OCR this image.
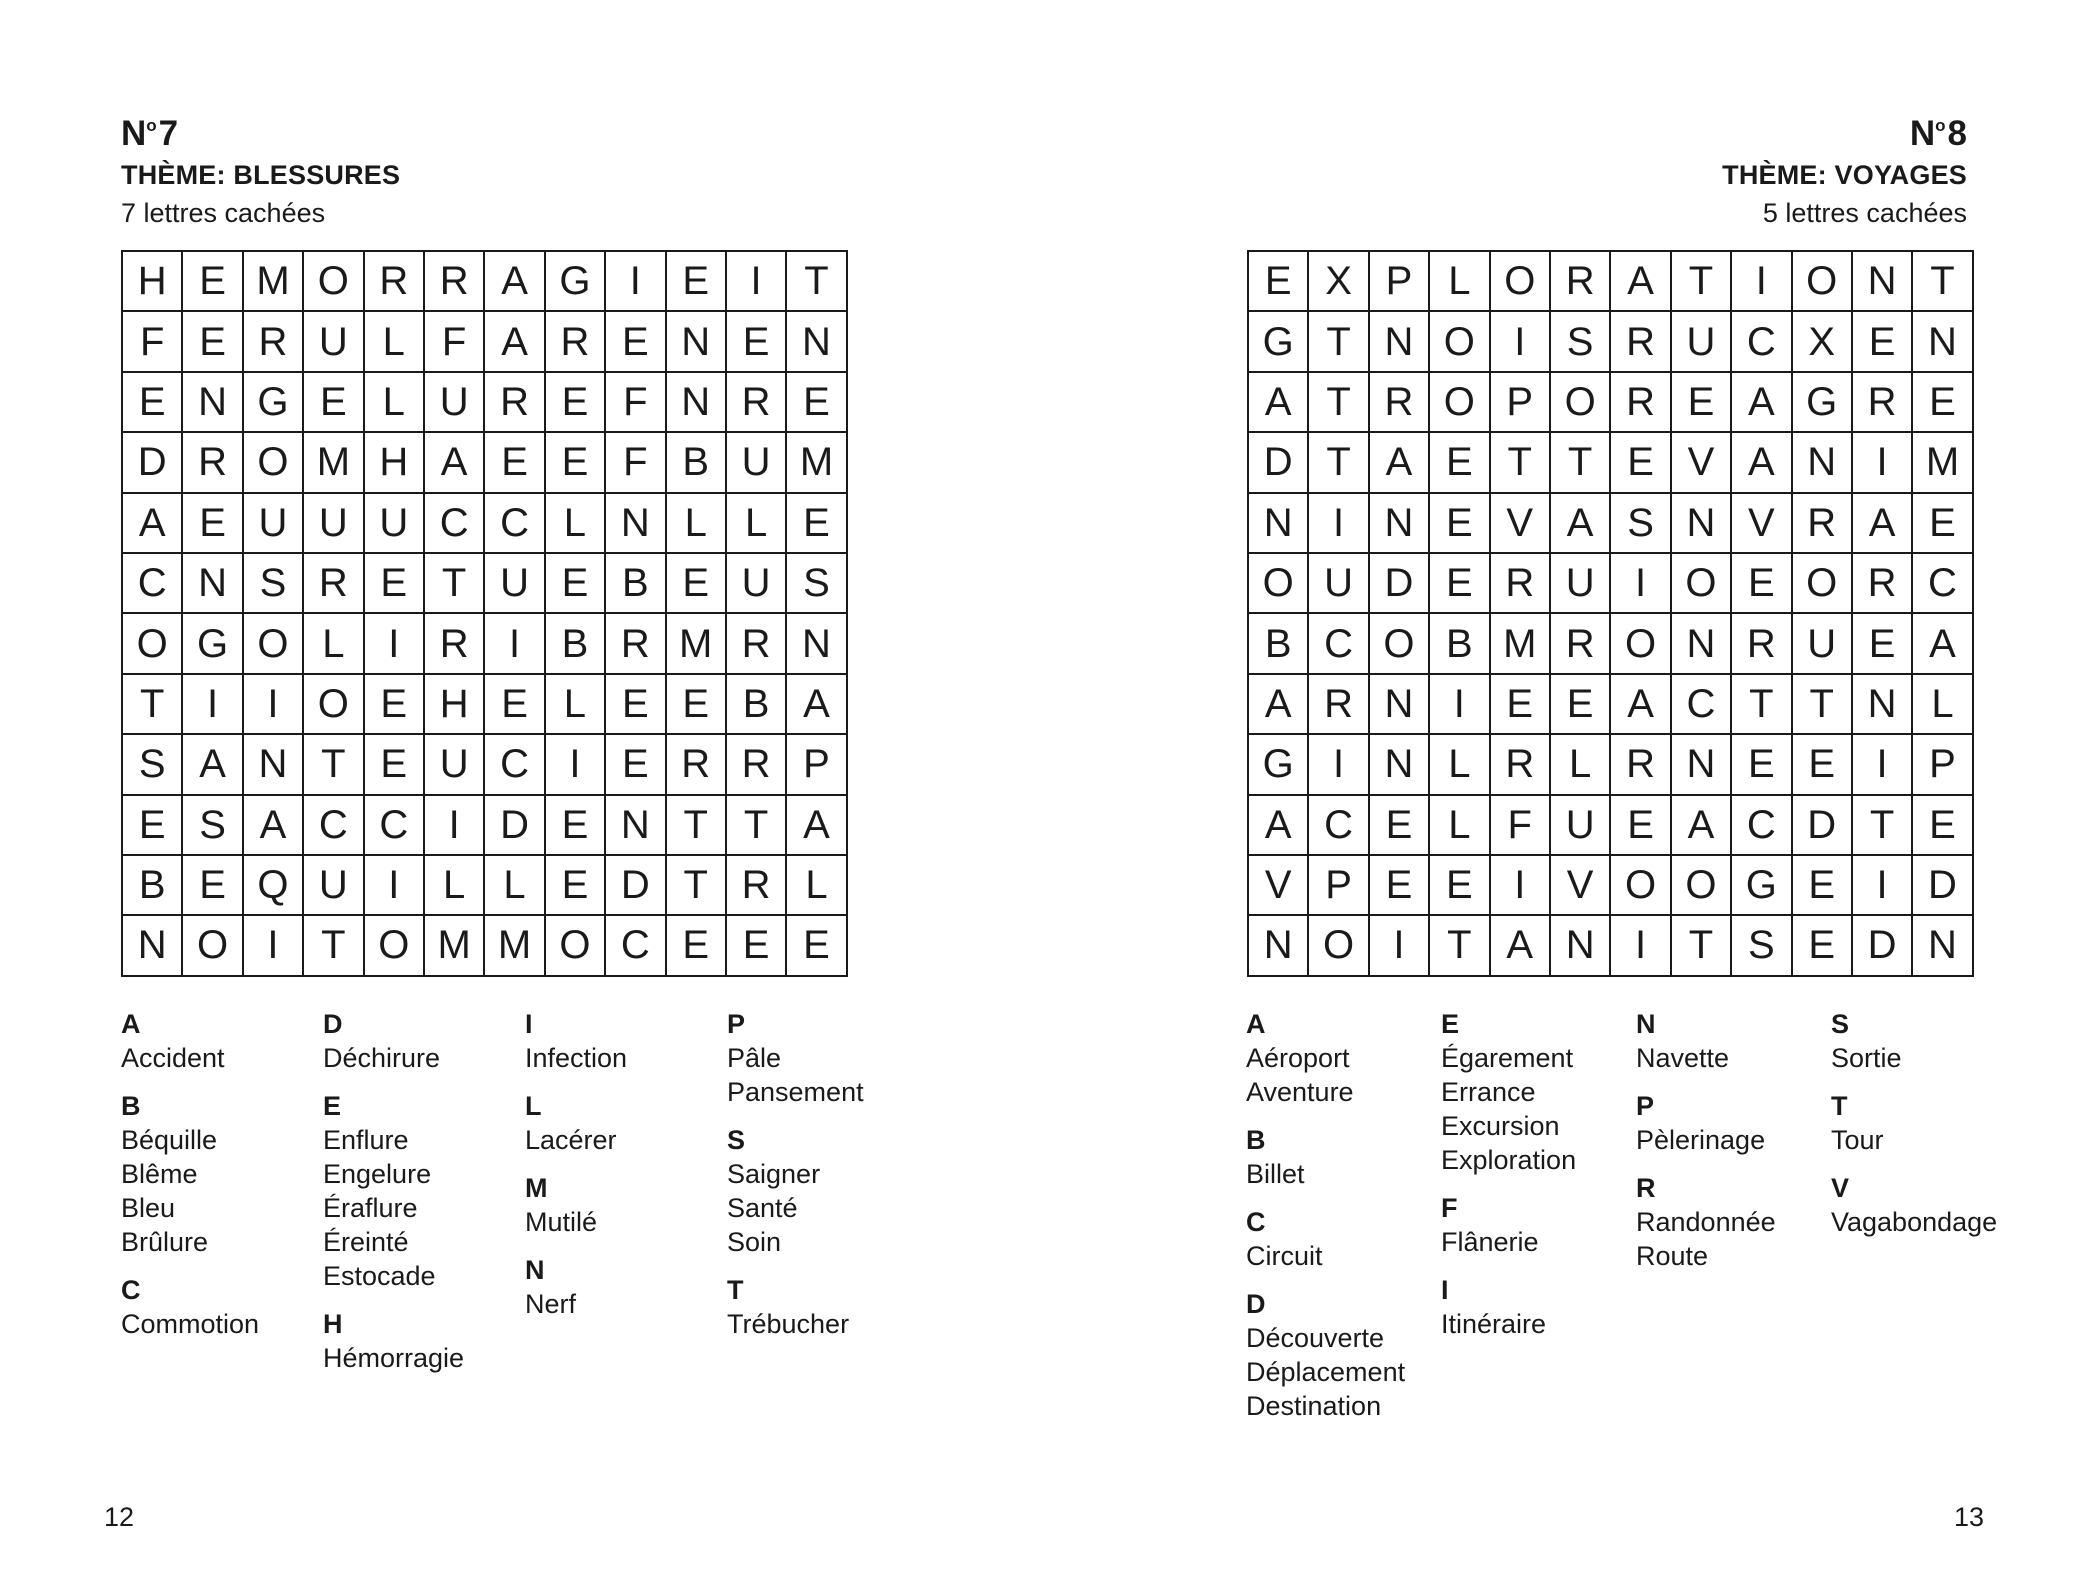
$N^o7$
THÈME: BLESSURES
7 lettres cachées
H E M O R R A G I	E	I	T
F E R U L F A R E N E N
E N G E L U R E F N R E
D R O M H A E E F B U M
A E U U U C C L N L L E
C N S R E T U E B E U S
O G O L	I	R	I	B R M R N
T	I	I O E H E L E E B A
S A N T E U C	I	E R R P
E S A C C	I	D E N T T A
B E Q U	I	L L E D T R L
N O I	T O M M O C E E E
A
Accident
B
Béquille
Blême
Bleu
Brûlure
C
Commotion
D
Déchirure
E
Enflure
Engelure
Éraflure
Éreinté
Estocade
H
Hémorragie
I
Infection
L
Lacérer
M
Mutilé
N
Nerf
P
Pâle
Pansement
S
Saigner
Santé
Soin
T
Trébucher
12
$N^o8$
THÈME: VOYAGES
5 lettres cachées
E X P L O R A T	I O N T
G T N O I	S R U C X E N
A T R O P O R E A G R E
D T A E T T E V A N	I M
N	I	N E V A S N V R A E
O U D E R U	I O E O R C
B C O B M R O N R U E A
A R N	I	E E A C T T N L
G I	N L R L R N E E	I	P
A C E L F U E A C D T E
V P E E	I	V O O G E	I	D
N O I	T A N	I	T S E D N
A
Aéroport
Aventure
B
Billet
C
Circuit
D
Découverte
Déplacement
Destination
E
Égarement
Errance
Excursion
Exploration
F
Flânerie
I
Itinéraire
N
Navette
P
Pèlerinage
R
Randonnée
Route
S
Sortie
T
Tour
V
Vagabondage
13
